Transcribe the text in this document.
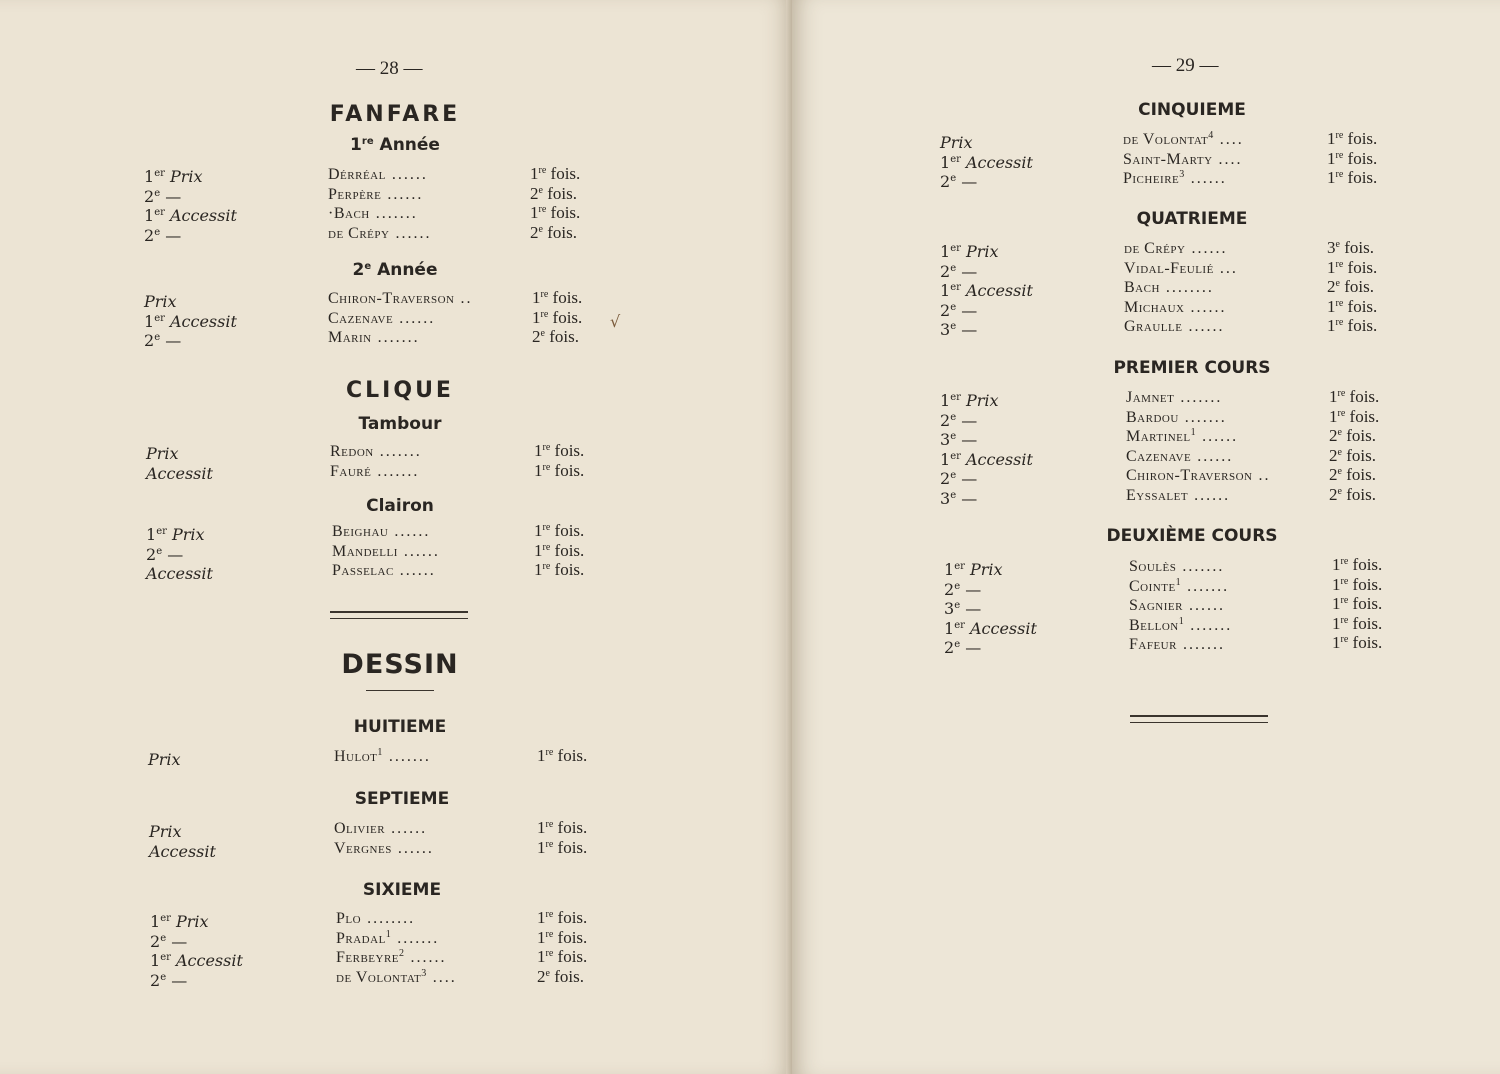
— 28 —
FANFARE
1re Année
1er Prix
2e —
1er Accessit
2e —
Dérréal ......
Perpère ......
·Bach .......
de Crépy ......
1re fois.
2e fois.
1re fois.
2e fois.
2e Année
Prix
1er Accessit
2e —
Chiron-Traverson ..
Cazenave ......
Marin .......
1re fois.
1re fois.
2e fois.
√
CLIQUE
Tambour
Prix
Accessit
Redon .......
Fauré .......
1re fois.
1re fois.
Clairon
1er Prix
2e —
Accessit
Beighau ......
Mandelli ......
Passelac ......
1re fois.
1re fois.
1re fois.
DESSIN
HUITIEME
Prix	Hulot$^1$ .......	1re fois.
SEPTIEME
Prix
Accessit
Olivier ......
Vergnes ......
1re fois.
1re fois.
SIXIEME
1er Prix
2e —
1er Accessit
2e —
Plo ........
Pradal$^1$ .......
Ferbeyre$^2$ ......
de Volontat$^3$ ....
1re fois.
1re fois.
1re fois.
2e fois.
— 29 —
CINQUIEME
Prix
1er Accessit
2e —
de Volontat$^4$ ....
Saint-Marty ....
Picheire$^3$ ......
1re fois.
1re fois.
1re fois.
QUATRIEME
1er Prix
2e —
1er Accessit
2e —
3e —
de Crépy ......
Vidal-Feulié ...
Bach ........
Michaux ......
Graulle ......
3e fois.
1re fois.
2e fois.
1re fois.
1re fois.
PREMIER COURS
1er Prix
2e —
3e —
1er Accessit
2e —
3e —
Jamnet .......
Bardou .......
Martinel$^1$ ......
Cazenave ......
Chiron-Traverson ..
Eyssalet ......
1re fois.
1re fois.
2e fois.
2e fois.
2e fois.
2e fois.
DEUXIÈME COURS
1er Prix
2e —
3e —
1er Accessit
2e —
Soulès .......
Cointe$^1$ .......
Sagnier ......
Bellon$^1$ .......
Fafeur .......
1re fois.
1re fois.
1re fois.
1re fois.
1re fois.
